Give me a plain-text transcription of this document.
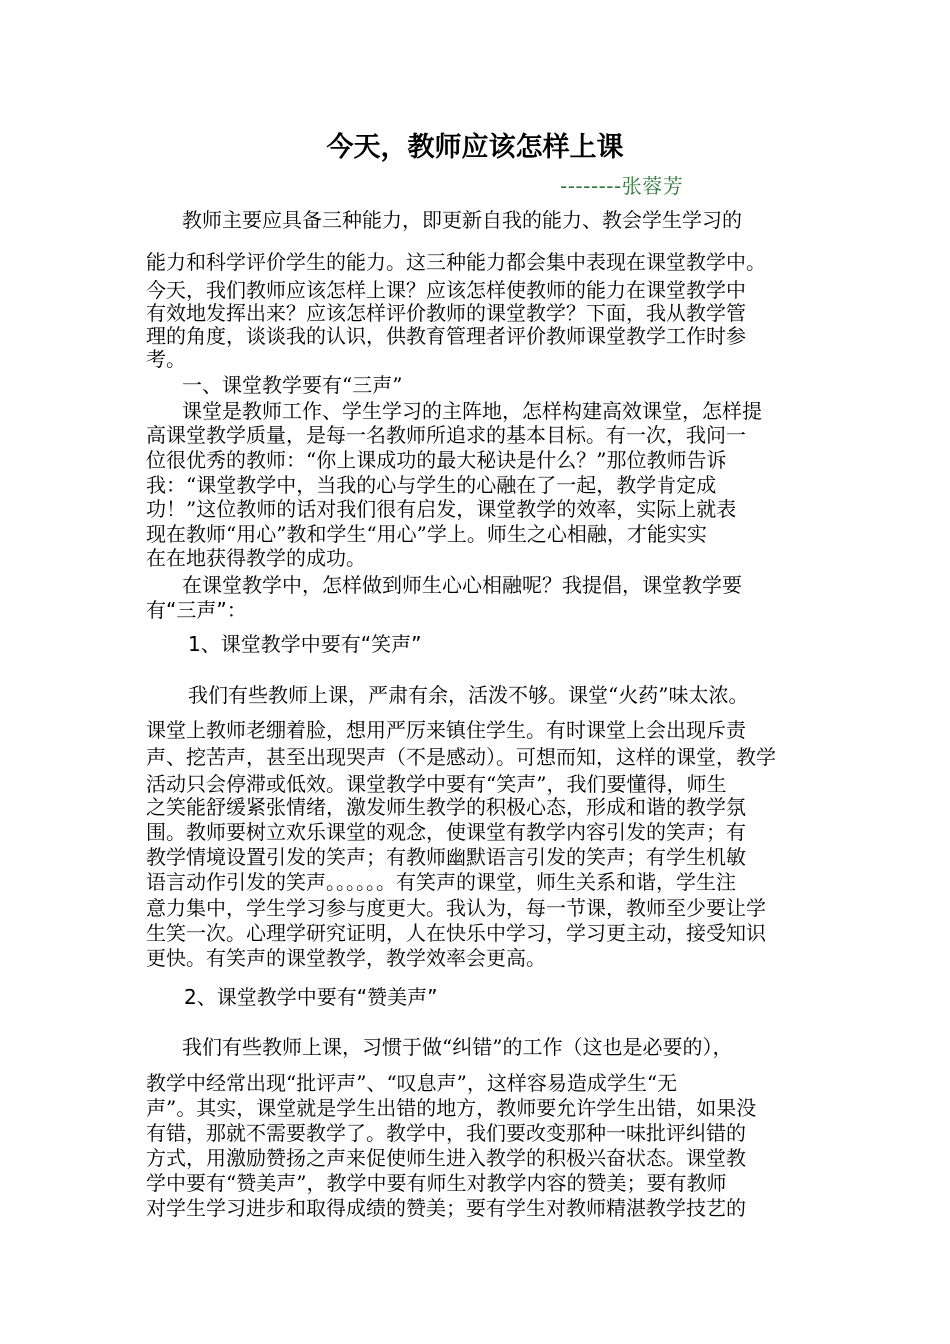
今天，教师应该怎样上课
--------张蓉芳
教师主要应具备三种能力，即更新自我的能力、教会学生学习的
能力和科学评价学生的能力。这三种能力都会集中表现在课堂教学中。
今天，我们教师应该怎样上课？应该怎样使教师的能力在课堂教学中
有效地发挥出来？应该怎样评价教师的课堂教学？下面，我从教学管
理的角度，谈谈我的认识，供教育管理者评价教师课堂教学工作时参
考。
一、课堂教学要有“三声”
课堂是教师工作、学生学习的主阵地，怎样构建高效课堂，怎样提
高课堂教学质量，是每一名教师所追求的基本目标。有一次，我问一
位很优秀的教师：“你上课成功的最大秘诀是什么？”那位教师告诉
我：“课堂教学中，当我的心与学生的心融在了一起，教学肯定成
功！”这位教师的话对我们很有启发，课堂教学的效率，实际上就表
现在教师“用心”教和学生“用心”学上。师生之心相融，才能实实
在在地获得教学的成功。
在课堂教学中，怎样做到师生心心相融呢？我提倡，课堂教学要
有“三声”：
1、课堂教学中要有“笑声”
我们有些教师上课，严肃有余，活泼不够。课堂“火药”味太浓。
课堂上教师老绷着脸，想用严厉来镇住学生。有时课堂上会出现斥责
声、挖苦声，甚至出现哭声（不是感动）。可想而知，这样的课堂，教学
活动只会停滞或低效。课堂教学中要有“笑声”，我们要懂得，师生
之笑能舒缓紧张情绪，激发师生教学的积极心态，形成和谐的教学氛
围。教师要树立欢乐课堂的观念，使课堂有教学内容引发的笑声；有
教学情境设置引发的笑声；有教师幽默语言引发的笑声；有学生机敏
语言动作引发的笑声。。。。。。有笑声的课堂，师生关系和谐，学生注
意力集中，学生学习参与度更大。我认为，每一节课，教师至少要让学
生笑一次。心理学研究证明，人在快乐中学习，学习更主动，接受知识
更快。有笑声的课堂教学，教学效率会更高。
2、课堂教学中要有“赞美声”
我们有些教师上课，习惯于做“纠错”的工作（这也是必要的），
教学中经常出现“批评声”、“叹息声”，这样容易造成学生“无
声”。其实，课堂就是学生出错的地方，教师要允许学生出错，如果没
有错，那就不需要教学了。教学中，我们要改变那种一味批评纠错的
方式，用激励赞扬之声来促使师生进入教学的积极兴奋状态。课堂教
学中要有“赞美声”，教学中要有师生对教学内容的赞美；要有教师
对学生学习进步和取得成绩的赞美；要有学生对教师精湛教学技艺的
